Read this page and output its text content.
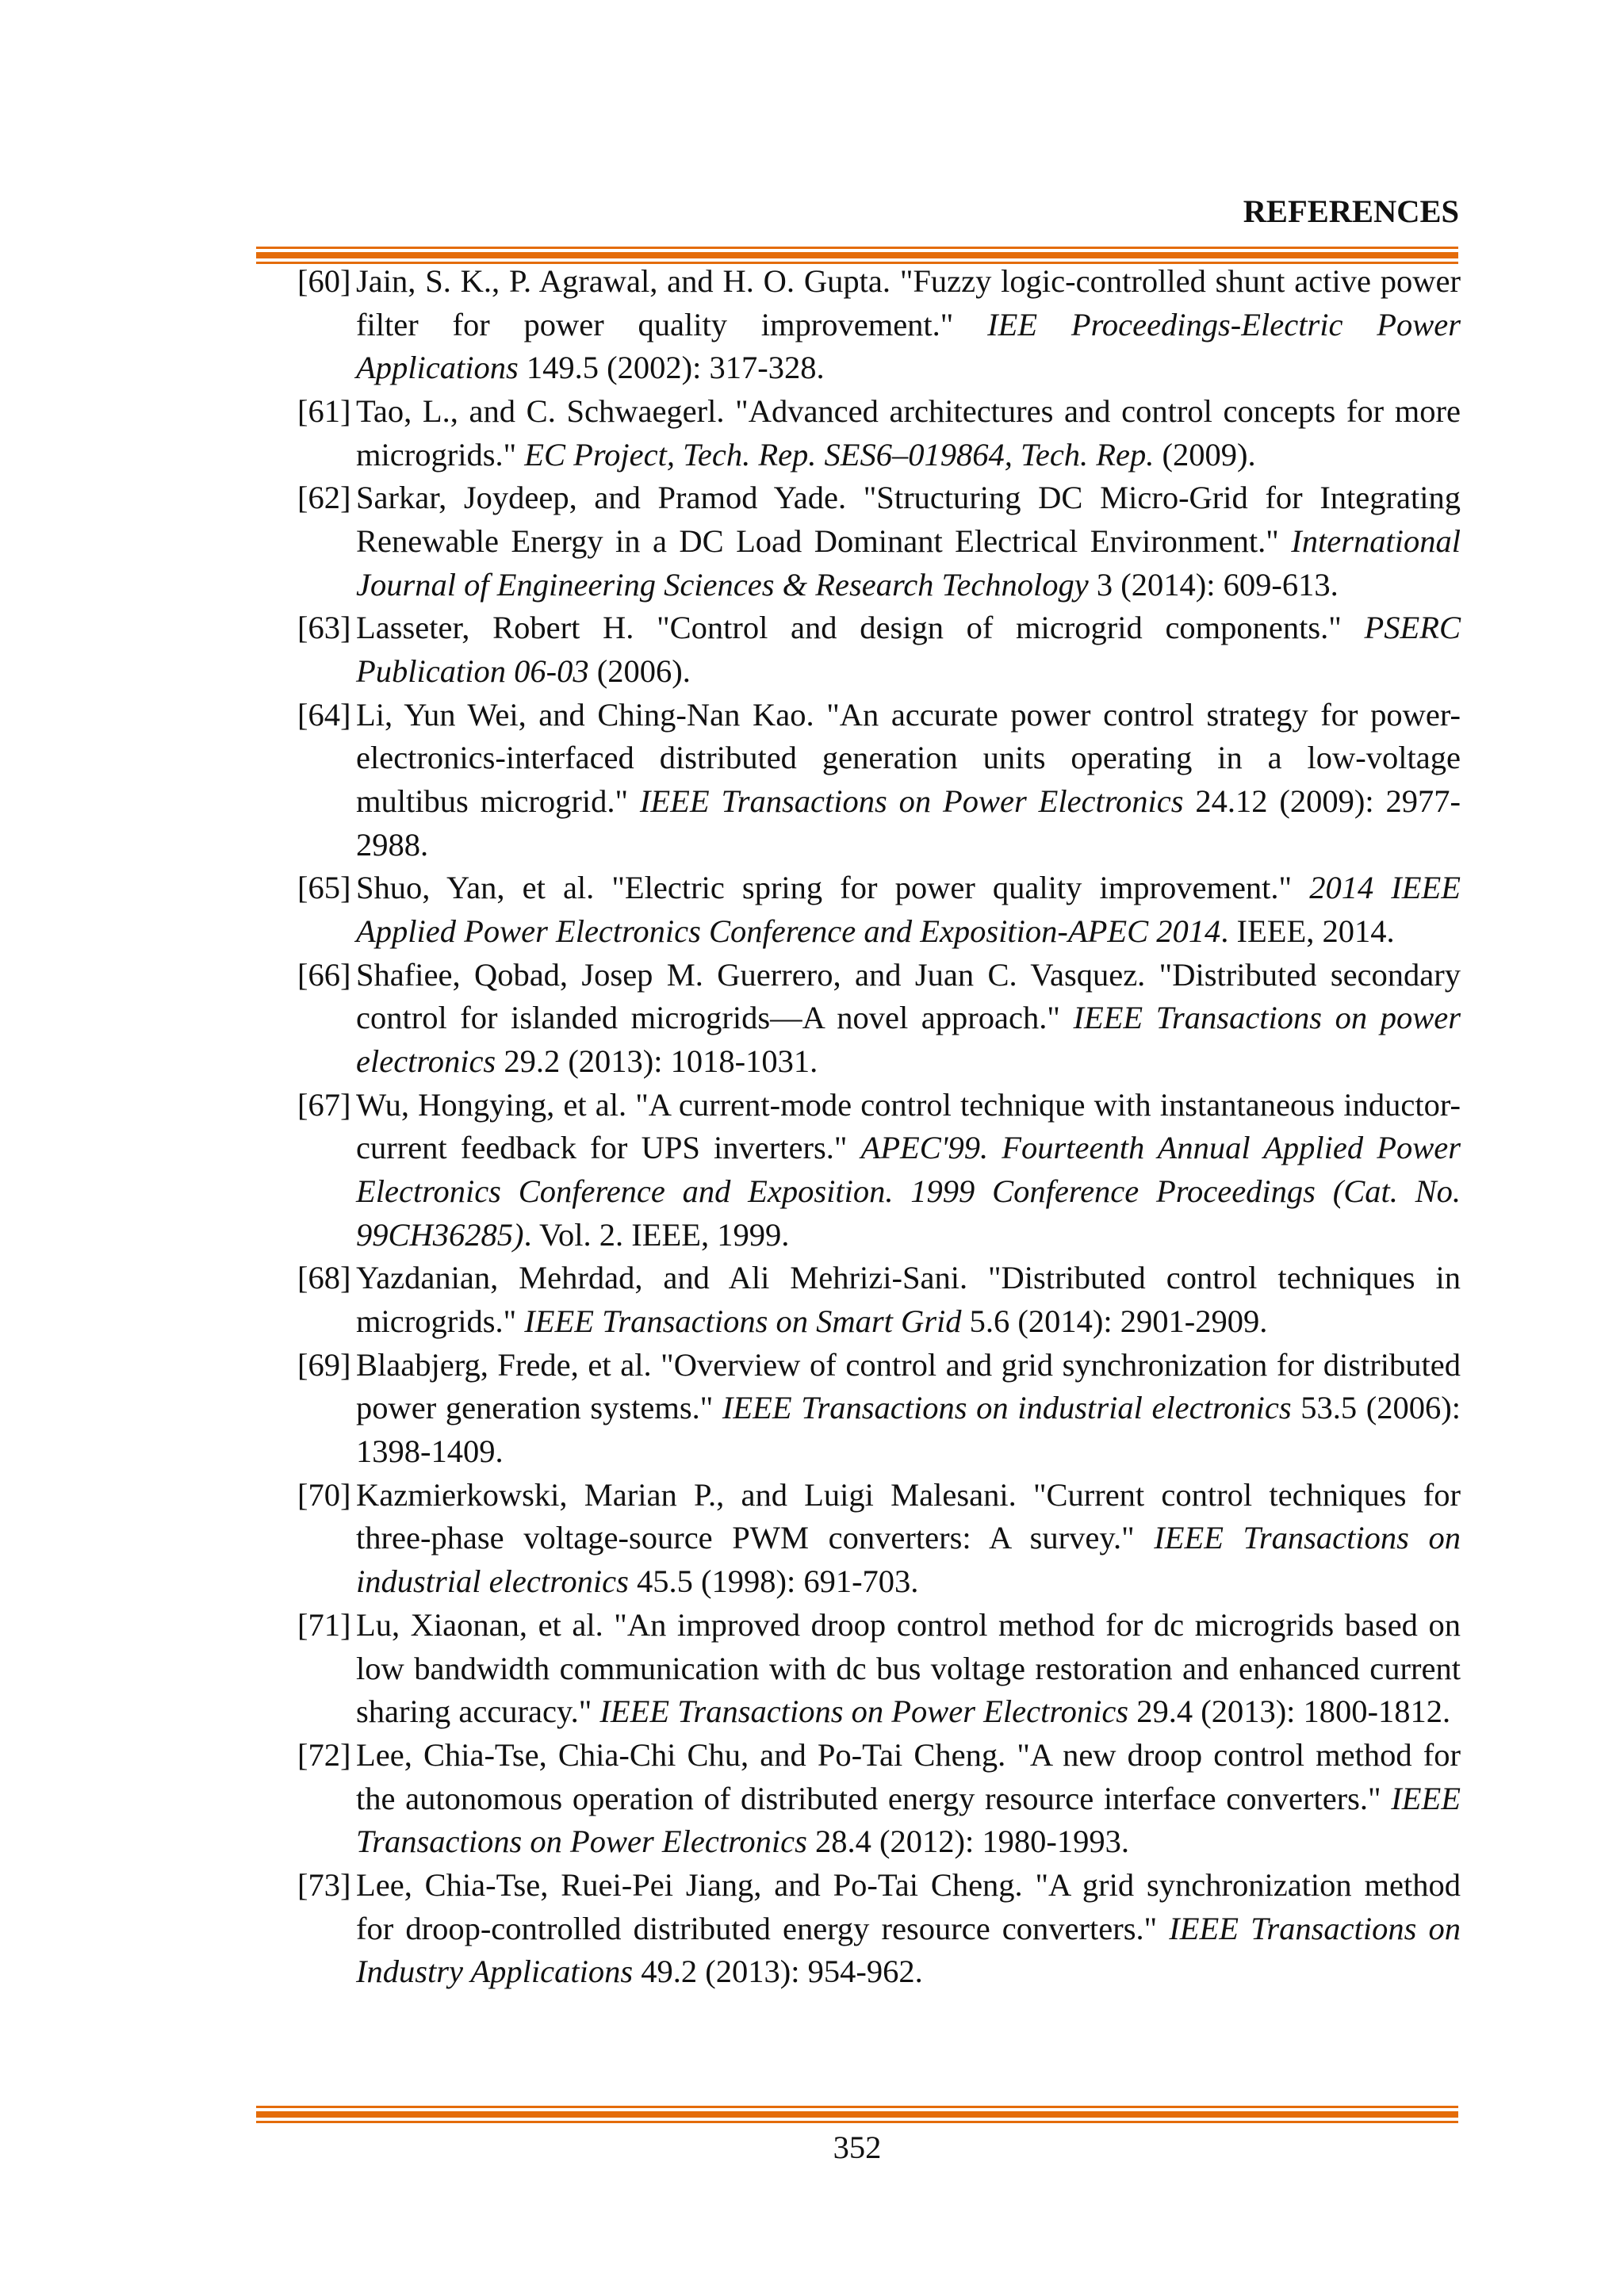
REFERENCES
[60] Jain, S. K., P. Agrawal, and H. O. Gupta. "Fuzzy logic-controlled shunt active power
filter for power quality improvement." IEE Proceedings-Electric Power
Applications 149.5 (2002): 317-328.
[61] Tao, L., and C. Schwaegerl. "Advanced architectures and control concepts for more
microgrids." EC Project, Tech. Rep. SES6–019864, Tech. Rep. (2009).
[62] Sarkar, Joydeep, and Pramod Yade. "Structuring DC Micro-Grid for Integrating
Renewable Energy in a DC Load Dominant Electrical Environment." International
Journal of Engineering Sciences & Research Technology 3 (2014): 609-613.
[63] Lasseter, Robert H. "Control and design of microgrid components." PSERC
Publication 06-03 (2006).
[64] Li, Yun Wei, and Ching-Nan Kao. "An accurate power control strategy for power-
electronics-interfaced distributed generation units operating in a low-voltage
multibus microgrid." IEEE Transactions on Power Electronics 24.12 (2009): 2977-
2988.
[65] Shuo, Yan, et al. "Electric spring for power quality improvement." 2014 IEEE
Applied Power Electronics Conference and Exposition-APEC 2014. IEEE, 2014.
[66] Shafiee, Qobad, Josep M. Guerrero, and Juan C. Vasquez. "Distributed secondary
control for islanded microgrids—A novel approach." IEEE Transactions on power
electronics 29.2 (2013): 1018-1031.
[67] Wu, Hongying, et al. "A current-mode control technique with instantaneous inductor-
current feedback for UPS inverters." APEC'99. Fourteenth Annual Applied Power
Electronics Conference and Exposition. 1999 Conference Proceedings (Cat. No.
99CH36285). Vol. 2. IEEE, 1999.
[68] Yazdanian, Mehrdad, and Ali Mehrizi-Sani. "Distributed control techniques in
microgrids." IEEE Transactions on Smart Grid 5.6 (2014): 2901-2909.
[69] Blaabjerg, Frede, et al. "Overview of control and grid synchronization for distributed
power generation systems." IEEE Transactions on industrial electronics 53.5 (2006):
1398-1409.
[70] Kazmierkowski, Marian P., and Luigi Malesani. "Current control techniques for
three-phase voltage-source PWM converters: A survey." IEEE Transactions on
industrial electronics 45.5 (1998): 691-703.
[71] Lu, Xiaonan, et al. "An improved droop control method for dc microgrids based on
low bandwidth communication with dc bus voltage restoration and enhanced current
sharing accuracy." IEEE Transactions on Power Electronics 29.4 (2013): 1800-1812.
[72] Lee, Chia-Tse, Chia-Chi Chu, and Po-Tai Cheng. "A new droop control method for
the autonomous operation of distributed energy resource interface converters." IEEE
Transactions on Power Electronics 28.4 (2012): 1980-1993.
[73] Lee, Chia-Tse, Ruei-Pei Jiang, and Po-Tai Cheng. "A grid synchronization method
for droop-controlled distributed energy resource converters." IEEE Transactions on
Industry Applications 49.2 (2013): 954-962.
352
